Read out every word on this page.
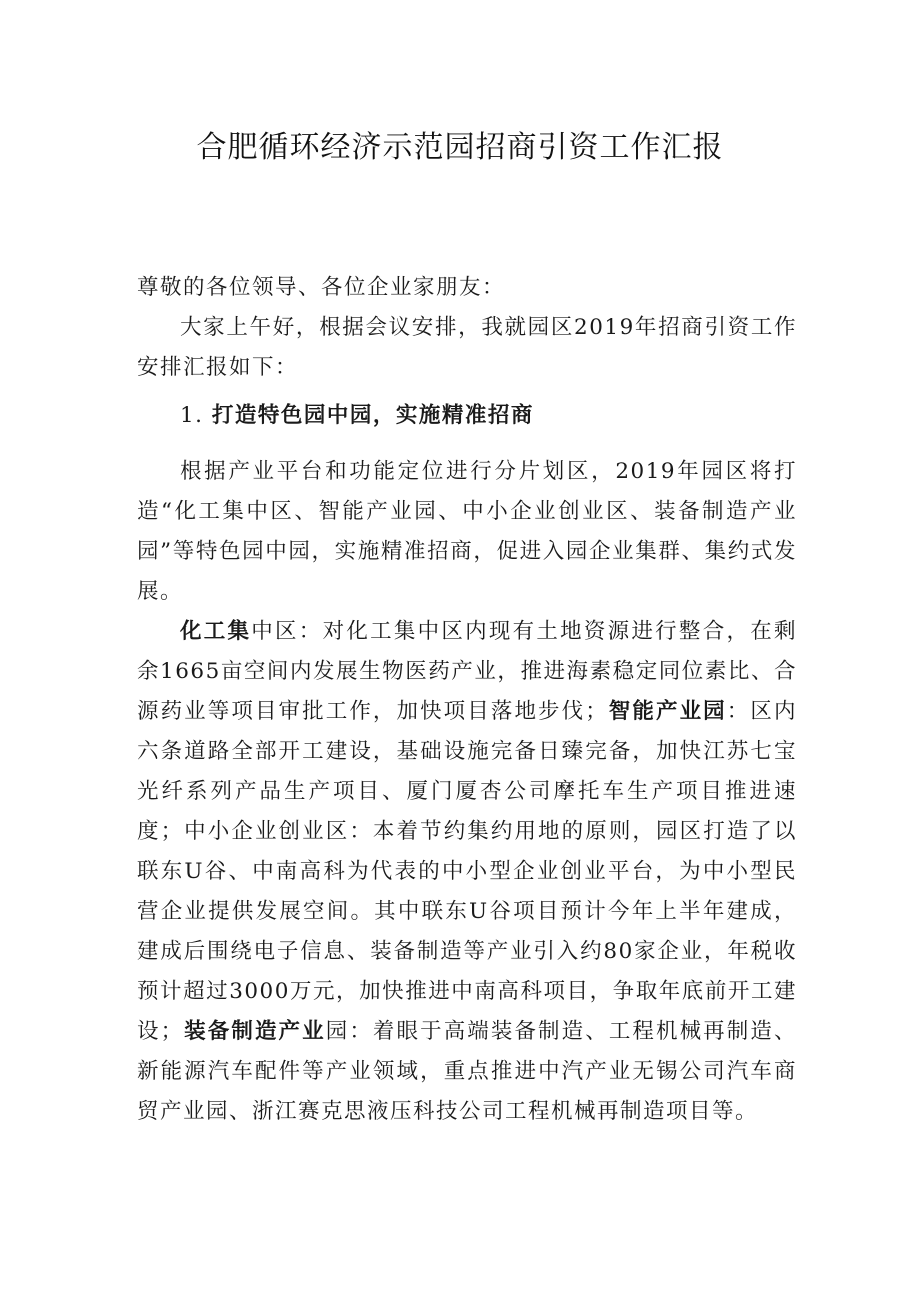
合肥循环经济示范园招商引资工作汇报

尊敬的各位领导、各位企业家朋友：

大家上午好，根据会议安排，我就园区2019年招商引资工作安排汇报如下：

1. 打造特色园中园，实施精准招商

根据产业平台和功能定位进行分片划区，2019年园区将打造“化工集中区、智能产业园、中小企业创业区、装备制造产业园”等特色园中园，实施精准招商，促进入园企业集群、集约式发展。

化工集中区：对化工集中区内现有土地资源进行整合，在剩余1665亩空间内发展生物医药产业，推进海素稳定同位素比、合源药业等项目审批工作，加快项目落地步伐；智能产业园：区内六条道路全部开工建设，基础设施完备日臻完备，加快江苏七宝光纤系列产品生产项目、厦门厦杏公司摩托车生产项目推进速度；中小企业创业区：本着节约集约用地的原则，园区打造了以联东U谷、中南高科为代表的中小型企业创业平台，为中小型民营企业提供发展空间。其中联东U谷项目预计今年上半年建成，建成后围绕电子信息、装备制造等产业引入约80家企业，年税收预计超过3000万元，加快推进中南高科项目，争取年底前开工建设；装备制造产业园：着眼于高端装备制造、工程机械再制造、新能源汽车配件等产业领域，重点推进中汽产业无锡公司汽车商贸产业园、浙江赛克思液压科技公司工程机械再制造项目等。
